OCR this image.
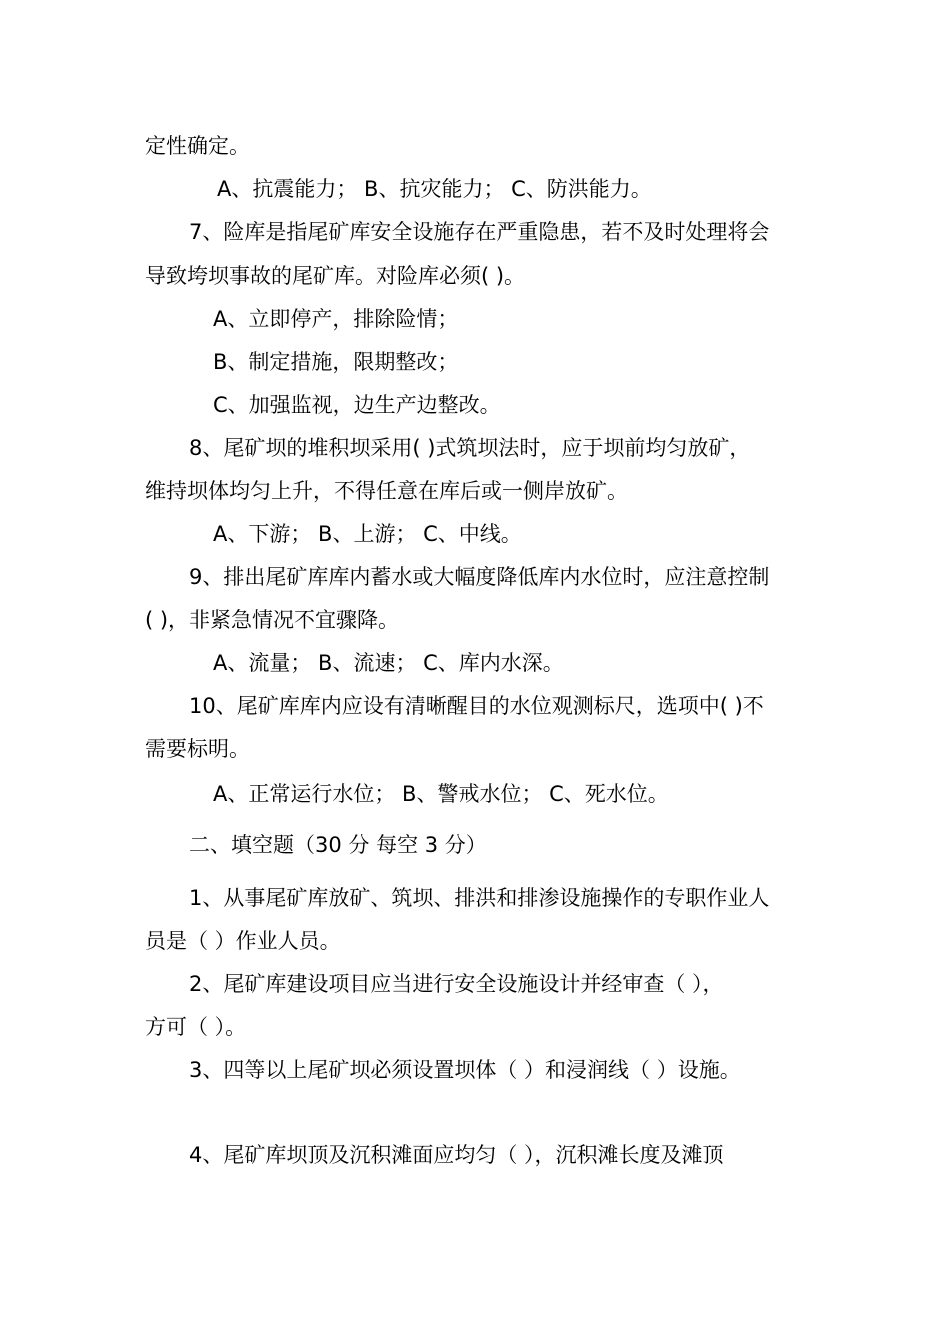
定性确定。
A、抗震能力； B、抗灾能力； C、防洪能力。
7、险库是指尾矿库安全设施存在严重隐患，若不及时处理将会
导致垮坝事故的尾矿库。对险库必须( )。
A、立即停产，排除险情；
B、制定措施，限期整改；
C、加强监视，边生产边整改。
8、尾矿坝的堆积坝采用( )式筑坝法时，应于坝前均匀放矿，
维持坝体均匀上升，不得任意在库后或一侧岸放矿。
A、下游； B、上游； C、中线。
9、排出尾矿库库内蓄水或大幅度降低库内水位时，应注意控制
( )，非紧急情况不宜骤降。
A、流量； B、流速； C、库内水深。
10、尾矿库库内应设有清晰醒目的水位观测标尺，选项中( )不
需要标明。
A、正常运行水位； B、警戒水位； C、死水位。
二、填空题（30 分 每空 3 分）
1、从事尾矿库放矿、筑坝、排洪和排渗设施操作的专职作业人
员是（ ）作业人员。
2、尾矿库建设项目应当进行安全设施设计并经审查（ ），
方可（ ）。
3、四等以上尾矿坝必须设置坝体（ ）和浸润线（ ）设施。
4、尾矿库坝顶及沉积滩面应均匀（ ），沉积滩长度及滩顶
